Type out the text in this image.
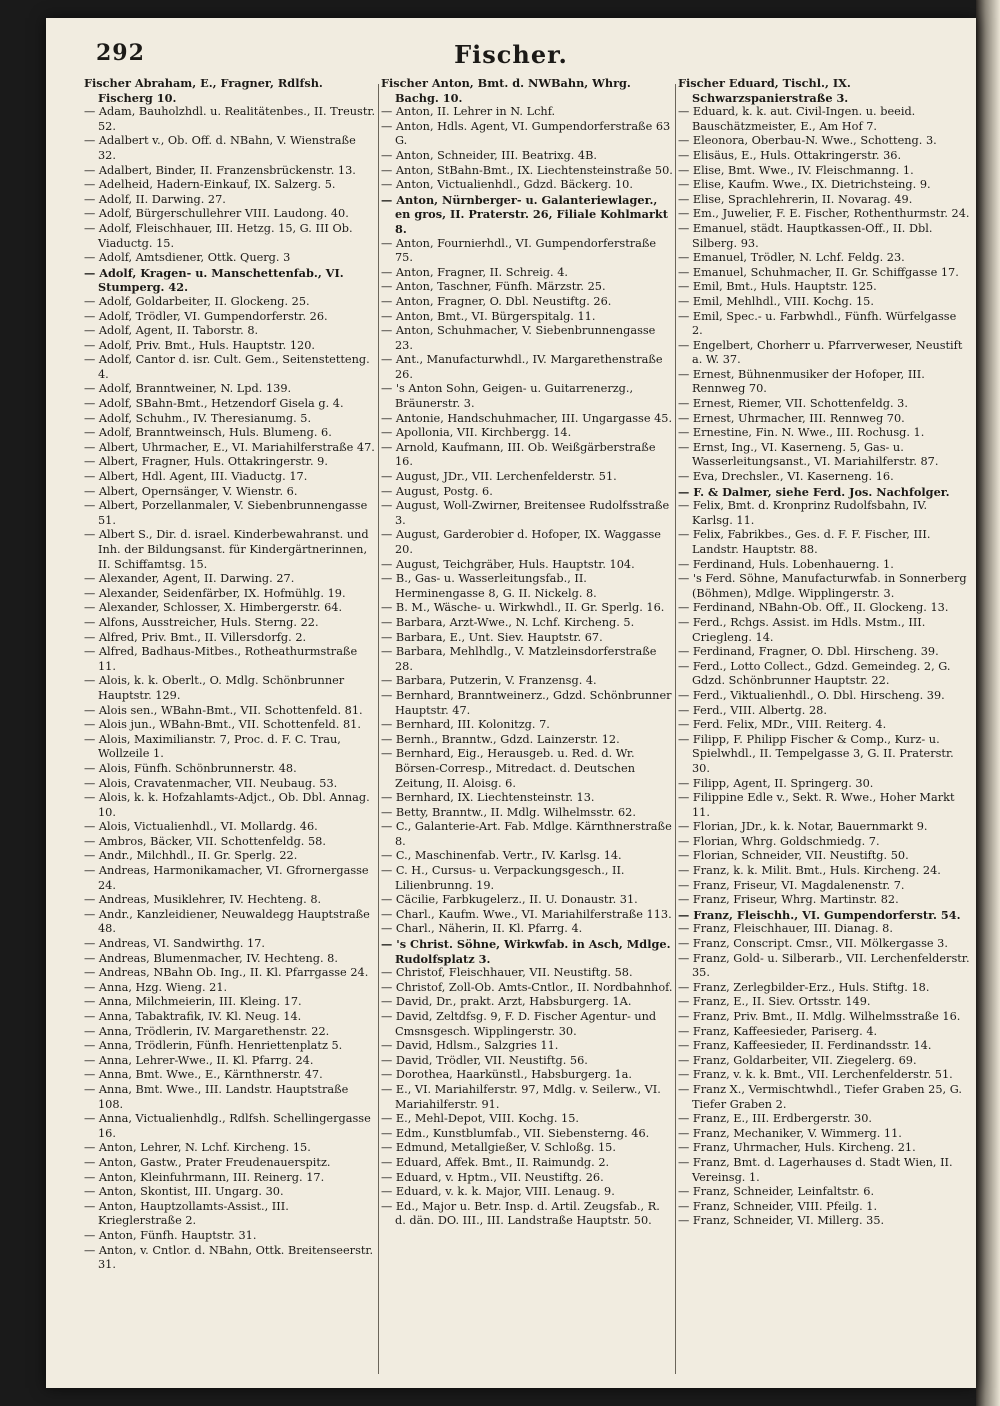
292	Fischer.

Fischer Abraham, E., Fragner, Rdlfsh. Fischerg 10.

— Adam, Bauholzhdl. u. Realitätenbes., II. Treustr. 52.

— Adalbert v., Ob. Off. d. NBahn, V. Wienstraße 32.

— Adalbert, Binder, II. Franzensbrückenstr. 13.

— Adelheid, Hadern-Einkauf, IX. Salzerg. 5.

— Adolf, II. Darwing. 27.

— Adolf, Bürgerschullehrer VIII. Laudong. 40.

— Adolf, Fleischhauer, III. Hetzg. 15, G. III Ob. Viaductg. 15.

— Adolf, Amtsdiener, Ottk. Querg. 3

— Adolf, Kragen- u. Manschettenfab., VI. Stumperg. 42.

— Adolf, Goldarbeiter, II. Glockeng. 25.

— Adolf, Trödler, VI. Gumpendorferstr. 26.

— Adolf, Agent, II. Taborstr. 8.

— Adolf, Priv. Bmt., Huls. Hauptstr. 120.

— Adolf, Cantor d. isr. Cult. Gem., Seitenstetteng. 4.

— Adolf, Branntweiner, N. Lpd. 139.

— Adolf, SBahn-Bmt., Hetzendorf Gisela g. 4.

— Adolf, Schuhm., IV. Theresianumg. 5.

— Adolf, Branntweinsch, Huls. Blumeng. 6.

— Albert, Uhrmacher, E., VI. Mariahilferstraße 47.

— Albert, Fragner, Huls. Ottakringerstr. 9.

— Albert, Hdl. Agent, III. Viaductg. 17.

— Albert, Opernsänger, V. Wienstr. 6.

— Albert, Porzellanmaler, V. Siebenbrunnengasse 51.

— Albert S., Dir. d. israel. Kinderbewahranst. und Inh. der Bildungsanst. für Kindergärtnerinnen, II. Schiffamtsg. 15.

— Alexander, Agent, II. Darwing. 27.

— Alexander, Seidenfärber, IX. Hofmühlg. 19.

— Alexander, Schlosser, X. Himbergerstr. 64.

— Alfons, Ausstreicher, Huls. Sterng. 22.

— Alfred, Priv. Bmt., II. Villersdorfg. 2.

— Alfred, Badhaus-Mitbes., Rotheathurmstraße 11.

— Alois, k. k. Oberlt., O. Mdlg. Schönbrunner Hauptstr. 129.

— Alois sen., WBahn-Bmt., VII. Schottenfeld. 81.

— Alois jun., WBahn-Bmt., VII. Schottenfeld. 81.

— Alois, Maximilianstr. 7, Proc. d. F. C. Trau, Wollzeile 1.

— Alois, Fünfh. Schönbrunnerstr. 48.

— Alois, Cravatenmacher, VII. Neubaug. 53.

— Alois, k. k. Hofzahlamts-Adjct., Ob. Dbl. Annag. 10.

— Alois, Victualienhdl., VI. Mollardg. 46.

— Ambros, Bäcker, VII. Schottenfeldg. 58.

— Andr., Milchhdl., II. Gr. Sperlg. 22.

— Andreas, Harmonikamacher, VI. Gfrornergasse 24.

— Andreas, Musiklehrer, IV. Hechteng. 8.

— Andr., Kanzleidiener, Neuwaldegg Hauptstraße 48.

— Andreas, VI. Sandwirthg. 17.

— Andreas, Blumenmacher, IV. Hechteng. 8.

— Andreas, NBahn Ob. Ing., II. Kl. Pfarrgasse 24.

— Anna, Hzg. Wieng. 21.

— Anna, Milchmeierin, III. Kleing. 17.

— Anna, Tabaktrafik, IV. Kl. Neug. 14.

— Anna, Trödlerin, IV. Margarethenstr. 22.

— Anna, Trödlerin, Fünfh. Henriettenplatz 5.

— Anna, Lehrer-Wwe., II. Kl. Pfarrg. 24.

— Anna, Bmt. Wwe., E., Kärnthnerstr. 47.

— Anna, Bmt. Wwe., III. Landstr. Hauptstraße 108.

— Anna, Victualienhdlg., Rdlfsh. Schellingergasse 16.

— Anton, Lehrer, N. Lchf. Kircheng. 15.

— Anton, Gastw., Prater Freudenauerspitz.

— Anton, Kleinfuhrmann, III. Reinerg. 17.

— Anton, Skontist, III. Ungarg. 30.

— Anton, Hauptzollamts-Assist., III. Krieglerstraße 2.

— Anton, Fünfh. Hauptstr. 31.

— Anton, v. Cntlor. d. NBahn, Ottk. Breitenseerstr. 31.

Fischer Anton, Bmt. d. NWBahn, Whrg. Bachg. 10.

— Anton, II. Lehrer in N. Lchf.

— Anton, Hdls. Agent, VI. Gumpendorferstraße 63 G.

— Anton, Schneider, III. Beatrixg. 4B.

— Anton, StBahn-Bmt., IX. Liechtensteinstraße 50.

— Anton, Victualienhdl., Gdzd. Bäckerg. 10.

— Anton, Nürnberger- u. Galanteriewlager., en gros, II. Praterstr. 26, Filiale Kohlmarkt 8.

— Anton, Fournierhdl., VI. Gumpendorferstraße 75.

— Anton, Fragner, II. Schreig. 4.

— Anton, Taschner, Fünfh. Märzstr. 25.

— Anton, Fragner, O. Dbl. Neustiftg. 26.

— Anton, Bmt., VI. Bürgerspitalg. 11.

— Anton, Schuhmacher, V. Siebenbrunnengasse 23.

— Ant., Manufacturwhdl., IV. Margarethenstraße 26.

— 's Anton Sohn, Geigen- u. Guitarrenerzg., Bräunerstr. 3.

— Antonie, Handschuhmacher, III. Ungargasse 45.

— Apollonia, VII. Kirchbergg. 14.

— Arnold, Kaufmann, III. Ob. Weißgärberstraße 16.

— August, JDr., VII. Lerchenfelderstr. 51.

— August, Postg. 6.

— August, Woll-Zwirner, Breitensee Rudolfsstraße 3.

— August, Garderobier d. Hofoper, IX. Waggasse 20.

— August, Teichgräber, Huls. Hauptstr. 104.

— B., Gas- u. Wasserleitungsfab., II. Herminengasse 8, G. II. Nickelg. 8.

— B. M., Wäsche- u. Wirkwhdl., II. Gr. Sperlg. 16.

— Barbara, Arzt-Wwe., N. Lchf. Kircheng. 5.

— Barbara, E., Unt. Siev. Hauptstr. 67.

— Barbara, Mehlhdlg., V. Matzleinsdorferstraße 28.

— Barbara, Putzerin, V. Franzensg. 4.

— Bernhard, Branntweinerz., Gdzd. Schönbrunner Hauptstr. 47.

— Bernhard, III. Kolonitzg. 7.

— Bernh., Branntw., Gdzd. Lainzerstr. 12.

— Bernhard, Eig., Herausgeb. u. Red. d. Wr. Börsen-Corresp., Mitredact. d. Deutschen Zeitung, II. Aloisg. 6.

— Bernhard, IX. Liechtensteinstr. 13.

— Betty, Branntw., II. Mdlg. Wilhelmsstr. 62.

— C., Galanterie-Art. Fab. Mdlge. Kärnthnerstraße 8.

— C., Maschinenfab. Vertr., IV. Karlsg. 14.

— C. H., Cursus- u. Verpackungsgesch., II. Lilienbrunng. 19.

— Cäcilie, Farbkugelerz., II. U. Donaustr. 31.

— Charl., Kaufm. Wwe., VI. Mariahilferstraße 113.

— Charl., Näherin, II. Kl. Pfarrg. 4.

— 's Christ. Söhne, Wirkwfab. in Asch, Mdlge. Rudolfsplatz 3.

— Christof, Fleischhauer, VII. Neustiftg. 58.

— Christof, Zoll-Ob. Amts-Cntlor., II. Nordbahnhof.

— David, Dr., prakt. Arzt, Habsburgerg. 1A.

— David, Zeltdfsg. 9, F. D. Fischer Agentur- und Cmsnsgesch. Wipplingerstr. 30.

— David, Hdlsm., Salzgries 11.

— David, Trödler, VII. Neustiftg. 56.

— Dorothea, Haarkünstl., Habsburgerg. 1a.

— E., VI. Mariahilferstr. 97, Mdlg. v. Seilerw., VI. Mariahilferstr. 91.

— E., Mehl-Depot, VIII. Kochg. 15.

— Edm., Kunstblumfab., VII. Siebensterng. 46.

— Edmund, Metallgießer, V. Schloßg. 15.

— Eduard, Affek. Bmt., II. Raimundg. 2.

— Eduard, v. Hptm., VII. Neustiftg. 26.

— Eduard, v. k. k. Major, VIII. Lenaug. 9.

— Ed., Major u. Betr. Insp. d. Artil. Zeugsfab., R. d. dän. DO. III., III. Landstraße Hauptstr. 50.

Fischer Eduard, Tischl., IX. Schwarzspanierstraße 3.

— Eduard, k. k. aut. Civil-Ingen. u. beeid. Bauschätzmeister, E., Am Hof 7.

— Eleonora, Oberbau-N. Wwe., Schotteng. 3.

— Elisäus, E., Huls. Ottakringerstr. 36.

— Elise, Bmt. Wwe., IV. Fleischmanng. 1.

— Elise, Kaufm. Wwe., IX. Dietrichsteing. 9.

— Elise, Sprachlehrerin, II. Novarag. 49.

— Em., Juwelier, F. E. Fischer, Rothenthurmstr. 24.

— Emanuel, städt. Hauptkassen-Off., II. Dbl. Silberg. 93.

— Emanuel, Trödler, N. Lchf. Feldg. 23.

— Emanuel, Schuhmacher, II. Gr. Schiffgasse 17.

— Emil, Bmt., Huls. Hauptstr. 125.

— Emil, Mehlhdl., VIII. Kochg. 15.

— Emil, Spec.- u. Farbwhdl., Fünfh. Würfelgasse 2.

— Engelbert, Chorherr u. Pfarrverweser, Neustift a. W. 37.

— Ernest, Bühnenmusiker der Hofoper, III. Rennweg 70.

— Ernest, Riemer, VII. Schottenfeldg. 3.

— Ernest, Uhrmacher, III. Rennweg 70.

— Ernestine, Fin. N. Wwe., III. Rochusg. 1.

— Ernst, Ing., VI. Kaserneng. 5, Gas- u. Wasserleitungsanst., VI. Mariahilferstr. 87.

— Eva, Drechsler., VI. Kaserneng. 16.

— F. & Dalmer, siehe Ferd. Jos. Nachfolger.

— Felix, Bmt. d. Kronprinz Rudolfsbahn, IV. Karlsg. 11.

— Felix, Fabrikbes., Ges. d. F. F. Fischer, III. Landstr. Hauptstr. 88.

— Ferdinand, Huls. Lobenhauerng. 1.

— 's Ferd. Söhne, Manufacturwfab. in Sonnerberg (Böhmen), Mdlge. Wipplingerstr. 3.

— Ferdinand, NBahn-Ob. Off., II. Glockeng. 13.

— Ferd., Rchgs. Assist. im Hdls. Mstm., III. Criegleng. 14.

— Ferdinand, Fragner, O. Dbl. Hirscheng. 39.

— Ferd., Lotto Collect., Gdzd. Gemeindeg. 2, G. Gdzd. Schönbrunner Hauptstr. 22.

— Ferd., Viktualienhdl., O. Dbl. Hirscheng. 39.

— Ferd., VIII. Albertg. 28.

— Ferd. Felix, MDr., VIII. Reiterg. 4.

— Filipp, F. Philipp Fischer & Comp., Kurz- u. Spielwhdl., II. Tempelgasse 3, G. II. Praterstr. 30.

— Filipp, Agent, II. Springerg. 30.

— Filippine Edle v., Sekt. R. Wwe., Hoher Markt 11.

— Florian, JDr., k. k. Notar, Bauernmarkt 9.

— Florian, Whrg. Goldschmiedg. 7.

— Florian, Schneider, VII. Neustiftg. 50.

— Franz, k. k. Milit. Bmt., Huls. Kircheng. 24.

— Franz, Friseur, VI. Magdalenenstr. 7.

— Franz, Friseur, Whrg. Martinstr. 82.

— Franz, Fleischh., VI. Gumpendorferstr. 54.

— Franz, Fleischhauer, III. Dianag. 8.

— Franz, Conscript. Cmsr., VII. Mölkergasse 3.

— Franz, Gold- u. Silberarb., VII. Lerchenfelderstr. 35.

— Franz, Zerlegbilder-Erz., Huls. Stiftg. 18.

— Franz, E., II. Siev. Ortsstr. 149.

— Franz, Priv. Bmt., II. Mdlg. Wilhelmsstraße 16.

— Franz, Kaffeesieder, Pariserg. 4.

— Franz, Kaffeesieder, II. Ferdinandsstr. 14.

— Franz, Goldarbeiter, VII. Ziegelerg. 69.

— Franz, v. k. k. Bmt., VII. Lerchenfelderstr. 51.

— Franz X., Vermischtwhdl., Tiefer Graben 25, G. Tiefer Graben 2.

— Franz, E., III. Erdbergerstr. 30.

— Franz, Mechaniker, V. Wimmerg. 11.

— Franz, Uhrmacher, Huls. Kircheng. 21.

— Franz, Bmt. d. Lagerhauses d. Stadt Wien, II. Vereinsg. 1.

— Franz, Schneider, Leinfaltstr. 6.

— Franz, Schneider, VIII. Pfeilg. 1.

— Franz, Schneider, VI. Millerg. 35.
